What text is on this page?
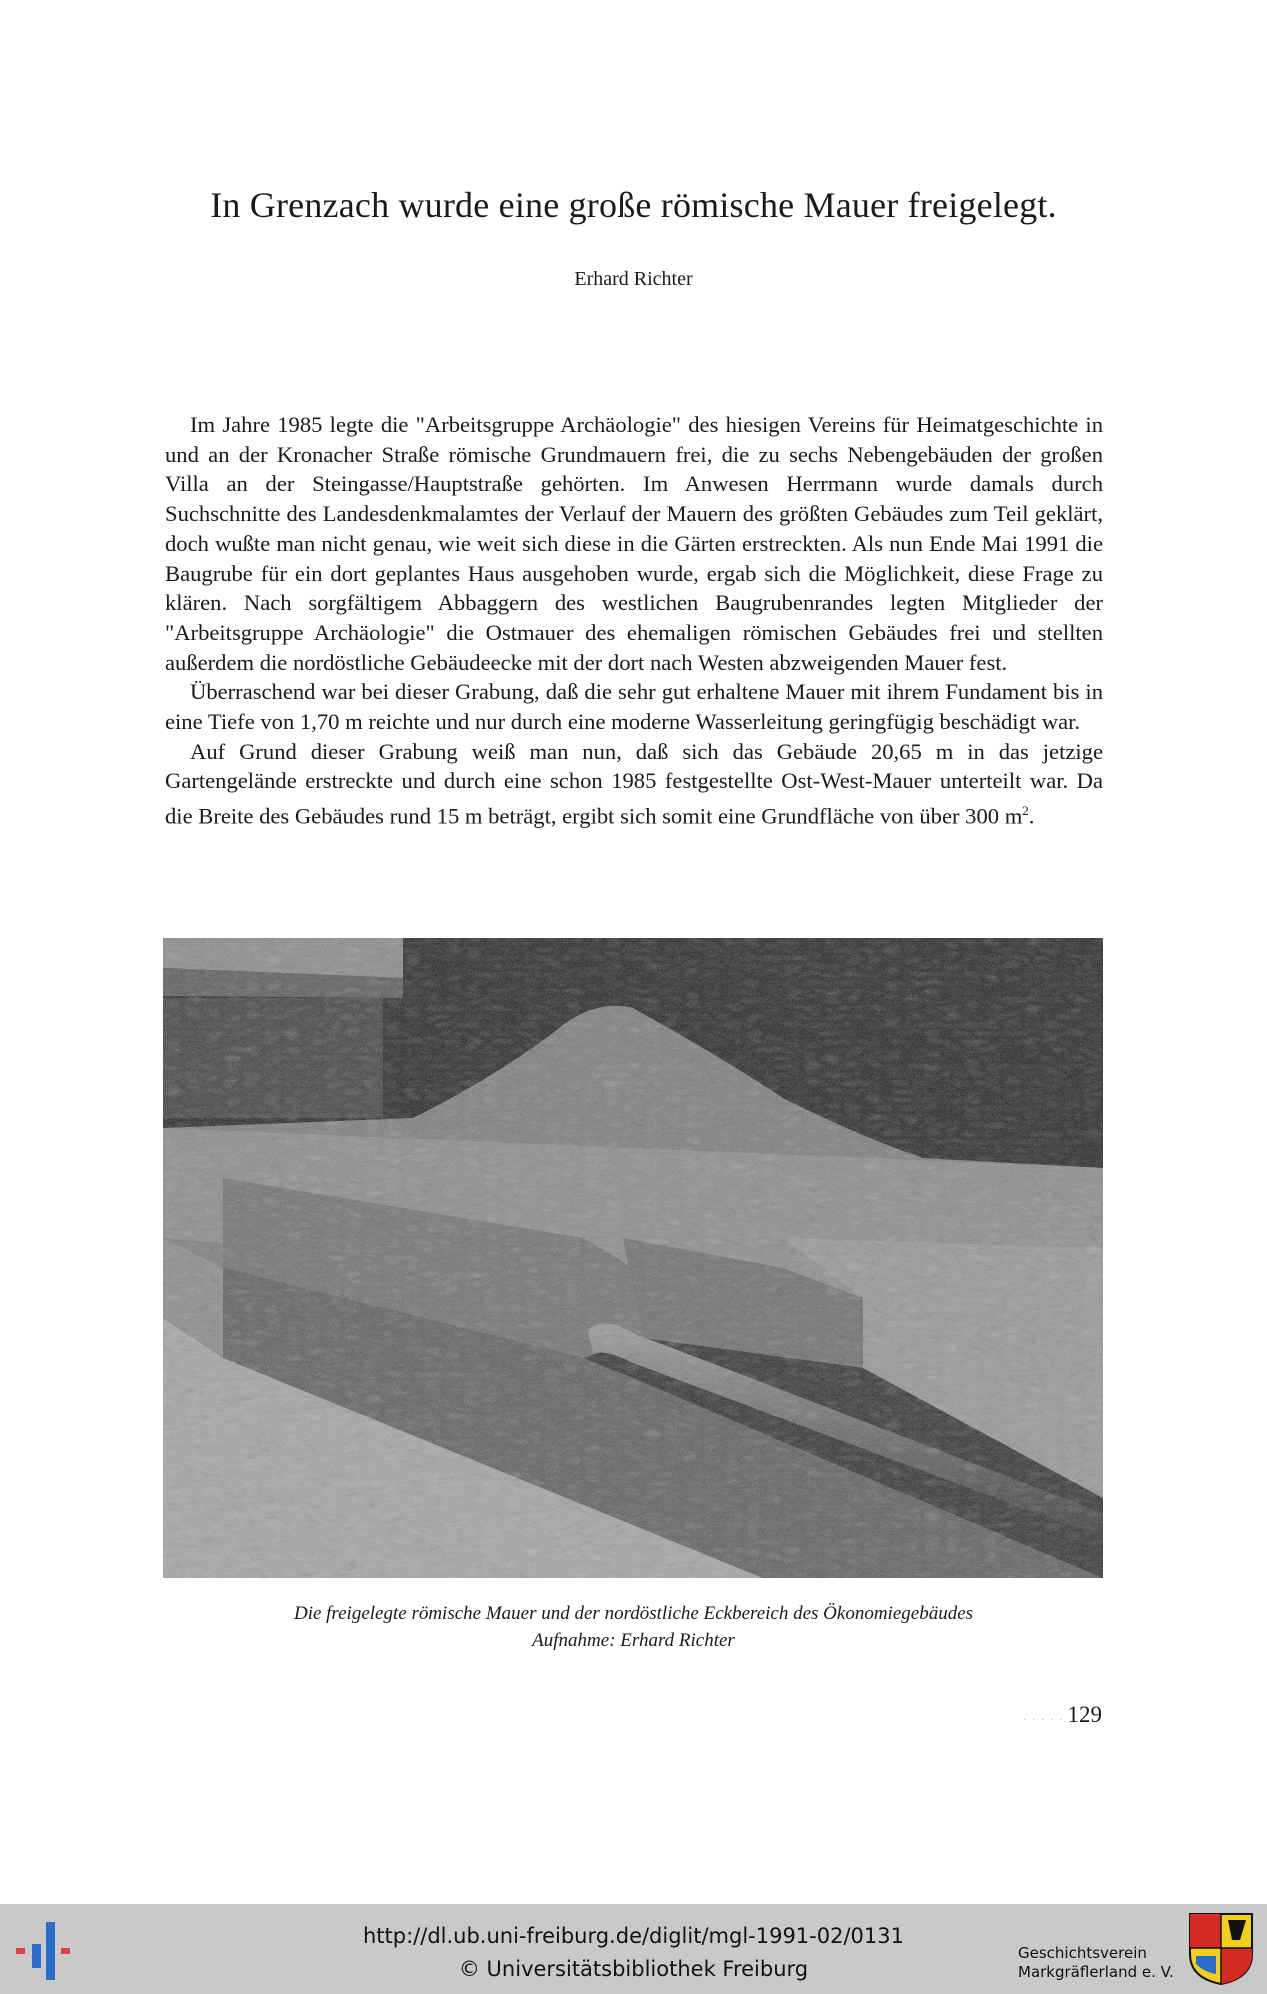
In Grenzach wurde eine große römische Mauer freigelegt.
Erhard Richter

Im Jahre 1985 legte die "Arbeitsgruppe Archäologie" des hiesigen Vereins für Heimatgeschichte in und an der Kronacher Straße römische Grundmauern frei, die zu sechs Nebengebäuden der großen Villa an der Steingasse/Hauptstraße gehörten. Im Anwesen Herrmann wurde damals durch Suchschnitte des Landesdenkmalamtes der Verlauf der Mauern des größten Gebäudes zum Teil geklärt, doch wußte man nicht genau, wie weit sich diese in die Gärten erstreckten. Als nun Ende Mai 1991 die Baugrube für ein dort geplantes Haus ausgehoben wurde, ergab sich die Möglichkeit, diese Frage zu klären. Nach sorgfältigem Abbaggern des westlichen Baugrubenrandes legten Mitglieder der "Arbeitsgruppe Archäologie" die Ostmauer des ehemaligen römischen Gebäudes frei und stellten außerdem die nordöstliche Gebäudeecke mit der dort nach Westen abzweigenden Mauer fest.

Überraschend war bei dieser Grabung, daß die sehr gut erhaltene Mauer mit ihrem Fundament bis in eine Tiefe von 1,70 m reichte und nur durch eine moderne Wasserleitung geringfügig beschädigt war.

Auf Grund dieser Grabung weiß man nun, daß sich das Gebäude 20,65 m in das jetzige Gartengelände erstreckte und durch eine schon 1985 festgestellte Ost-West-Mauer unterteilt war. Da die Breite des Gebäudes rund 15 m beträgt, ergibt sich somit eine Grundfläche von über 300 $m^2$.

Die freigelegte römische Mauer und der nordöstliche Eckbereich des Ökonomiegebäudes
Aufnahme: Erhard Richter
. . . . . 129
http://dl.ub.uni-freiburg.de/diglit/mgl-1991-02/0131
© Universitätsbibliothek Freiburg
Geschichtsverein
Markgräflerland e. V.
